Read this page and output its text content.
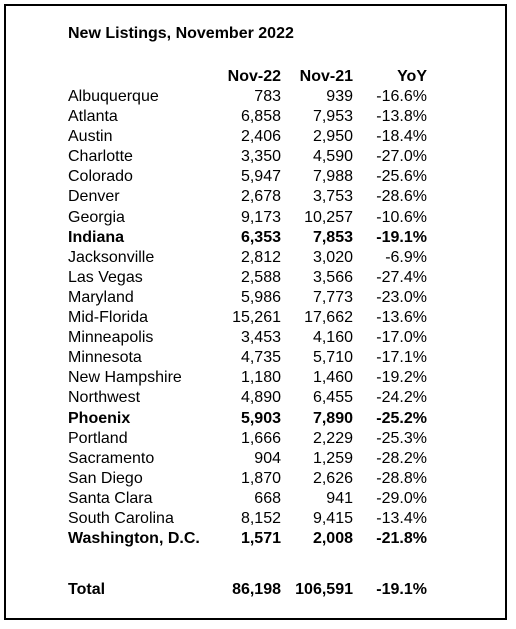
New Listings, November 2022
	Nov-22	Nov-21	YoY
Albuquerque	783	939	-16.6%
Atlanta	6,858	7,953	-13.8%
Austin	2,406	2,950	-18.4%
Charlotte	3,350	4,590	-27.0%
Colorado	5,947	7,988	-25.6%
Denver	2,678	3,753	-28.6%
Georgia	9,173	10,257	-10.6%
Indiana	6,353	7,853	-19.1%
Jacksonville	2,812	3,020	-6.9%
Las Vegas	2,588	3,566	-27.4%
Maryland	5,986	7,773	-23.0%
Mid-Florida	15,261	17,662	-13.6%
Minneapolis	3,453	4,160	-17.0%
Minnesota	4,735	5,710	-17.1%
New Hampshire	1,180	1,460	-19.2%
Northwest	4,890	6,455	-24.2%
Phoenix	5,903	7,890	-25.2%
Portland	1,666	2,229	-25.3%
Sacramento	904	1,259	-28.2%
San Diego	1,870	2,626	-28.8%
Santa Clara	668	941	-29.0%
South Carolina	8,152	9,415	-13.4%
Washington, D.C.	1,571	2,008	-21.8%
Total	86,198	106,591	-19.1%
